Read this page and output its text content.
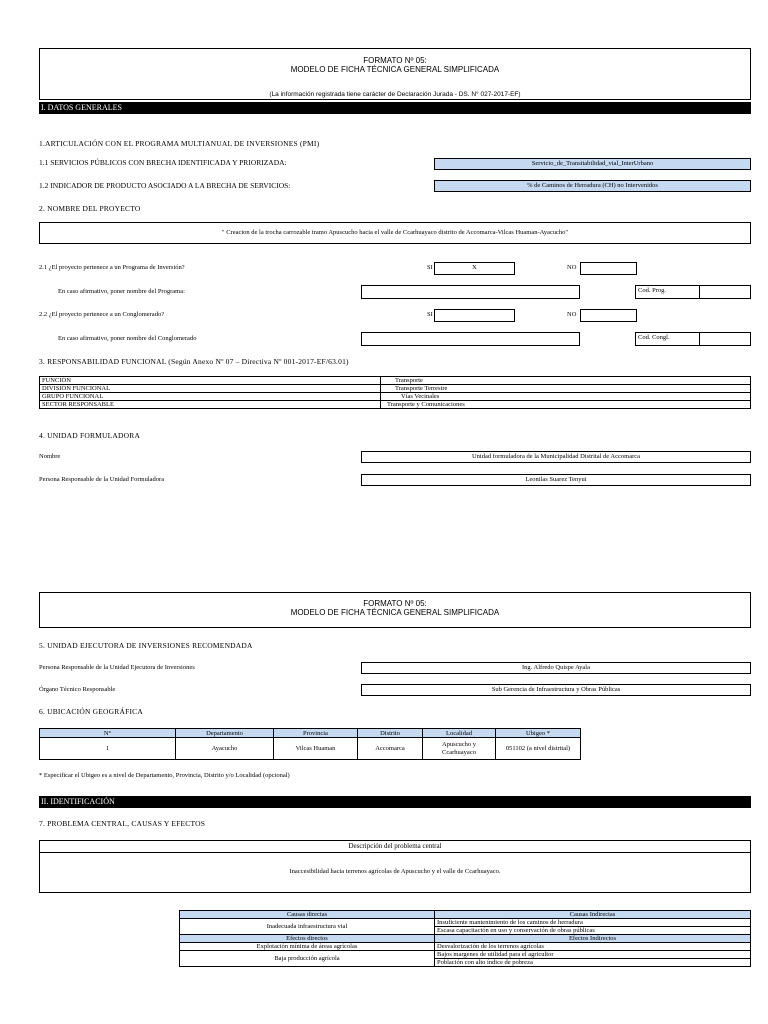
FORMATO Nº 05:
MODELO DE FICHA TÉCNICA GENERAL SIMPLIFICADA
(La información registrada tiene carácter de Declaración Jurada - DS. N° 027-2017-EF)
I. DATOS GENERALES
1.ARTICULACIÓN CON EL PROGRAMA MULTIANUAL DE INVERSIONES (PMI)
1.1 SERVICIOS PÚBLICOS CON BRECHA IDENTIFICADA Y PRIORIZADA:	Servicio_de_Transitabilidad_vial_InterUrbano
1.2 INDICADOR DE PRODUCTO ASOCIADO A LA BRECHA DE SERVICIOS:	% de Caminos de Herradura (CH) no Intervenidos
2. NOMBRE DEL PROYECTO
" Creacion de la trocha carrozable tramo Apuscucho hacia el valle de Ccarhuayaco distrito de Accomarca-Vilcas Huaman-Ayacucho"
2.1 ¿El proyecto pertenece a un Programa de Inversión?	SI	X	NO
En caso afirmativo, poner nombre del Programa:	Cod. Prog.
2.2 ¿El proyecto pertenece a un Conglomerado?	SI	NO
En caso afirmativo, poner nombre del Conglomerado	Cod. Congl.
3. RESPONSABILIDAD FUNCIONAL (Según Anexo Nº 07 – Directiva Nº 001-2017-EF/63.01)
FUNCIÓN	Transporte
DIVISIÓN FUNCIONAL	Transporte Terrestre
GRUPO FUNCIONAL	Vías Vecinales
SECTOR RESPONSABLE	Transporte y Comunicaciones
4. UNIDAD FORMULADORA
Nombre	Unidad formuladora de la Municipalidad Distrital de Accomarca
Persona Responsable de la Unidad Formuladora	Leonilas Suarez Tenyui
FORMATO Nº 05:
MODELO DE FICHA TÉCNICA GENERAL SIMPLIFICADA
5. UNIDAD EJECUTORA DE INVERSIONES RECOMENDADA
Persona Responsable de la Unidad Ejecutora de Inversiones	Ing. Alfredo Quispe Ayala
Órgano Técnico Responsable	Sub Gerencia de Infraestructura y Obras Públicas
6. UBICACIÓN GEOGRÁFICA
N°	Departamento	Provincia	Distrito	Localidad	Ubigeo *
1	Ayacucho	Vilcas Huaman	Accomarca	Apuscucho y Ccarhuayaco	051102 (a nivel distrital)
* Especificar el Ubigeo es a nivel de Departamento, Provincia, Distrito y/o Localidad (opcional)
II. IDENTIFICACIÓN
7. PROBLEMA CENTRAL, CAUSAS Y EFECTOS
Descripción del problema central
Inaccesibilidad hacia terrenos agrícolas de Apuscucho y el valle de Ccarhuayaco.
Causas directas	Causas Indirectas
Inadecuada infraestructura vial	Insuficiente mantenimiento de los caminos de herradura
	Escasa capacitación en uso y conservación de obras públicas
Efectos directos	Efectos Indirectos
Explotación mínima de áreas agrícolas	Desvalorización de los terrenos agrícolas
Baja producción agrícola	Bajos margenes de utilidad para el agricultor
	Población con alto índice de pobreza
